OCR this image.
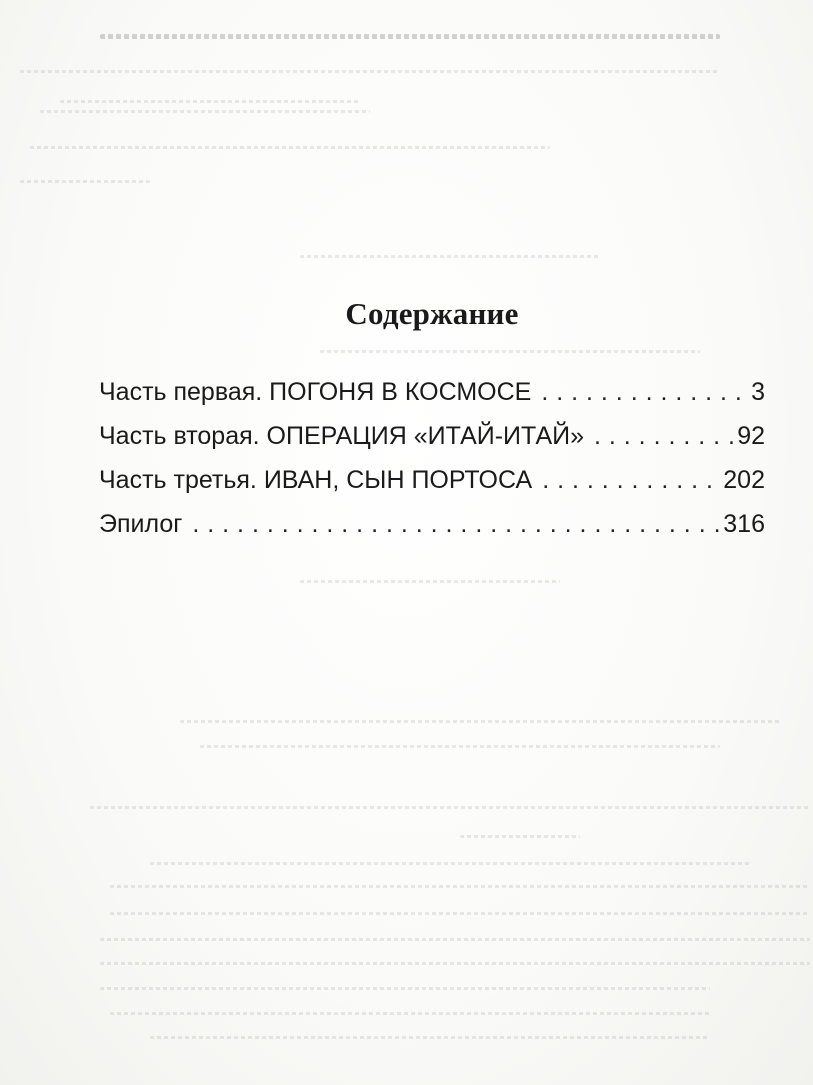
Содержание
Часть первая. ПОГОНЯ В КОСМОСЕ . . .	3
Часть вторая. ОПЕРАЦИЯ «ИТАЙ-ИТАЙ» . . .	92
Часть третья. ИВАН, СЫН ПОРТОСА . . .	202
Эпилог . . .	316
